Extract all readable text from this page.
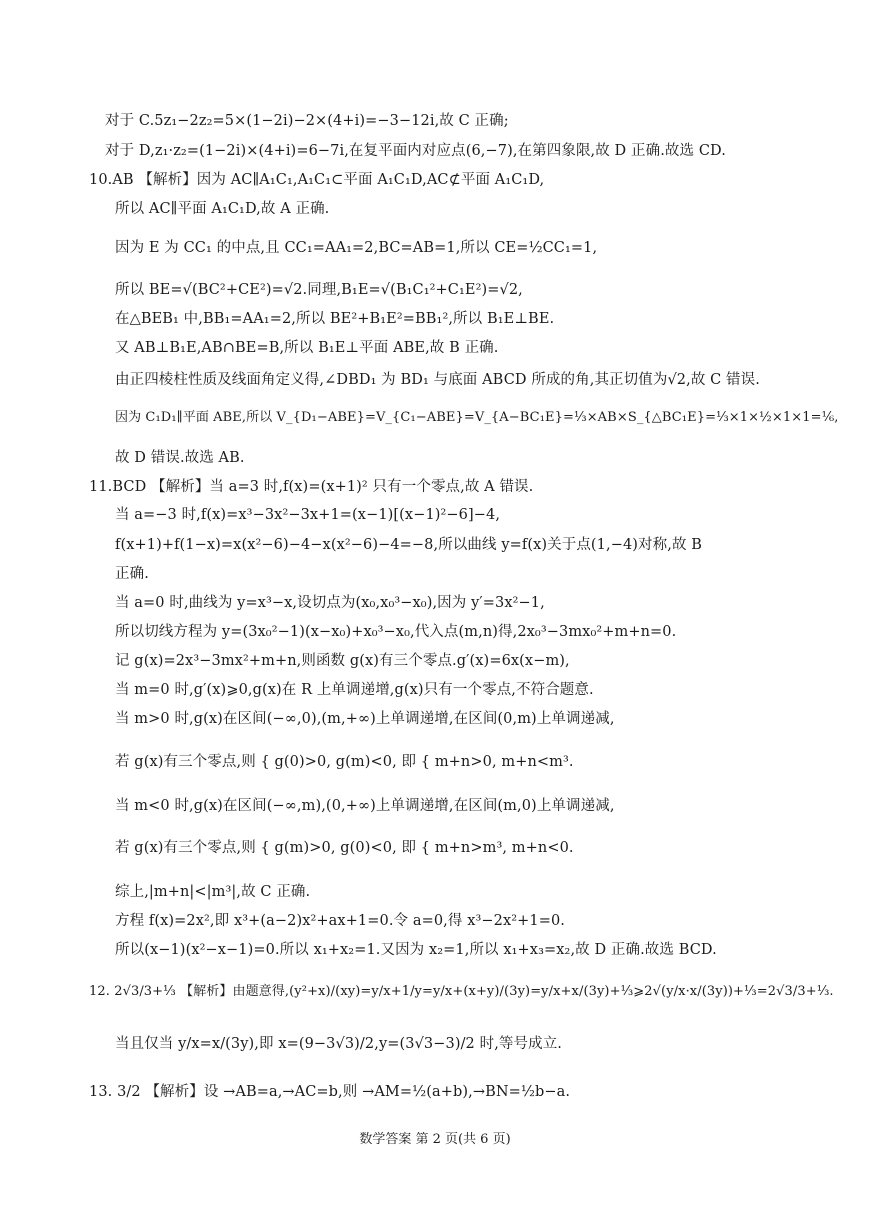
对于 C.5z₁−2z₂=5×(1−2i)−2×(4+i)=−3−12i,故 C 正确;
对于 D,z₁·z₂=(1−2i)×(4+i)=6−7i,在复平面内对应点(6,−7),在第四象限,故 D 正确.故选 CD.
10.AB 【解析】因为 AC∥A₁C₁,A₁C₁⊂平面 A₁C₁D,AC⊄平面 A₁C₁D,
所以 AC∥平面 A₁C₁D,故 A 正确.
因为 E 为 CC₁ 的中点,且 CC₁=AA₁=2,BC=AB=1,所以 CE=½CC₁=1,
所以 BE=√(BC²+CE²)=√2.同理,B₁E=√(B₁C₁²+C₁E²)=√2,
在△BEB₁ 中,BB₁=AA₁=2,所以 BE²+B₁E²=BB₁²,所以 B₁E⊥BE.
又 AB⊥B₁E,AB∩BE=B,所以 B₁E⊥平面 ABE,故 B 正确.
由正四棱柱性质及线面角定义得,∠DBD₁ 为 BD₁ 与底面 ABCD 所成的角,其正切值为√2,故 C 错误.
因为 C₁D₁∥平面 ABE,所以 V_{D₁−ABE}=V_{C₁−ABE}=V_{A−BC₁E}=⅓×AB×S_{△BC₁E}=⅓×1×½×1×1=⅙,
故 D 错误.故选 AB.
11.BCD 【解析】当 a=3 时,f(x)=(x+1)² 只有一个零点,故 A 错误.
当 a=−3 时,f(x)=x³−3x²−3x+1=(x−1)[(x−1)²−6]−4,
f(x+1)+f(1−x)=x(x²−6)−4−x(x²−6)−4=−8,所以曲线 y=f(x)关于点(1,−4)对称,故 B
正确.
当 a=0 时,曲线为 y=x³−x,设切点为(x₀,x₀³−x₀),因为 y′=3x²−1,
所以切线方程为 y=(3x₀²−1)(x−x₀)+x₀³−x₀,代入点(m,n)得,2x₀³−3mx₀²+m+n=0.
记 g(x)=2x³−3mx²+m+n,则函数 g(x)有三个零点.g′(x)=6x(x−m),
当 m=0 时,g′(x)⩾0,g(x)在 R 上单调递增,g(x)只有一个零点,不符合题意.
当 m>0 时,g(x)在区间(−∞,0),(m,+∞)上单调递增,在区间(0,m)上单调递减,
若 g(x)有三个零点,则 { g(0)>0, g(m)<0, 即 { m+n>0, m+n<m³.
当 m<0 时,g(x)在区间(−∞,m),(0,+∞)上单调递增,在区间(m,0)上单调递减,
若 g(x)有三个零点,则 { g(m)>0, g(0)<0, 即 { m+n>m³, m+n<0.
综上,|m+n|<|m³|,故 C 正确.
方程 f(x)=2x²,即 x³+(a−2)x²+ax+1=0.令 a=0,得 x³−2x²+1=0.
所以(x−1)(x²−x−1)=0.所以 x₁+x₂=1.又因为 x₂=1,所以 x₁+x₃=x₂,故 D 正确.故选 BCD.
12. 2√3/3+⅓ 【解析】由题意得,(y²+x)/(xy)=y/x+1/y=y/x+(x+y)/(3y)=y/x+x/(3y)+⅓⩾2√(y/x·x/(3y))+⅓=2√3/3+⅓.
当且仅当 y/x=x/(3y),即 x=(9−3√3)/2,y=(3√3−3)/2 时,等号成立.
13. 3/2 【解析】设 →AB=a,→AC=b,则 →AM=½(a+b),→BN=½b−a.
数学答案 第 2 页(共 6 页)
